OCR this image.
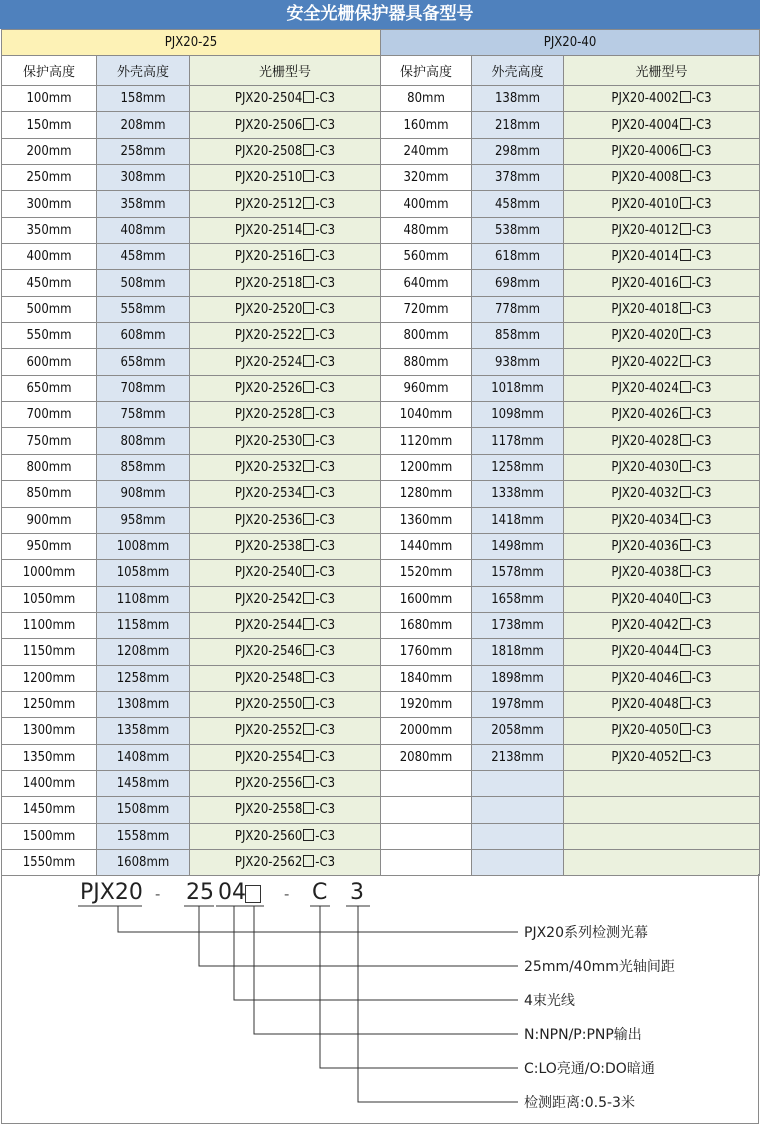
安全光栅保护器具备型号
PJX20-25			PJX20-40		
保护高度	外壳高度	光栅型号	保护高度	外壳高度	光栅型号
100mm	158mm	PJX20-2504 -C3	80mm	138mm	PJX20-4002 -C3
150mm	208mm	PJX20-2506 -C3	160mm	218mm	PJX20-4004 -C3
200mm	258mm	PJX20-2508 -C3	240mm	298mm	PJX20-4006 -C3
250mm	308mm	PJX20-2510 -C3	320mm	378mm	PJX20-4008 -C3
300mm	358mm	PJX20-2512 -C3	400mm	458mm	PJX20-4010 -C3
350mm	408mm	PJX20-2514 -C3	480mm	538mm	PJX20-4012 -C3
400mm	458mm	PJX20-2516 -C3	560mm	618mm	PJX20-4014 -C3
450mm	508mm	PJX20-2518 -C3	640mm	698mm	PJX20-4016 -C3
500mm	558mm	PJX20-2520 -C3	720mm	778mm	PJX20-4018 -C3
550mm	608mm	PJX20-2522 -C3	800mm	858mm	PJX20-4020 -C3
600mm	658mm	PJX20-2524 -C3	880mm	938mm	PJX20-4022 -C3
650mm	708mm	PJX20-2526 -C3	960mm	1018mm	PJX20-4024 -C3
700mm	758mm	PJX20-2528 -C3	1040mm	1098mm	PJX20-4026 -C3
750mm	808mm	PJX20-2530 -C3	1120mm	1178mm	PJX20-4028 -C3
800mm	858mm	PJX20-2532 -C3	1200mm	1258mm	PJX20-4030 -C3
850mm	908mm	PJX20-2534 -C3	1280mm	1338mm	PJX20-4032 -C3
900mm	958mm	PJX20-2536 -C3	1360mm	1418mm	PJX20-4034 -C3
950mm	1008mm	PJX20-2538 -C3	1440mm	1498mm	PJX20-4036 -C3
1000mm	1058mm	PJX20-2540 -C3	1520mm	1578mm	PJX20-4038 -C3
1050mm	1108mm	PJX20-2542 -C3	1600mm	1658mm	PJX20-4040 -C3
1100mm	1158mm	PJX20-2544 -C3	1680mm	1738mm	PJX20-4042 -C3
1150mm	1208mm	PJX20-2546 -C3	1760mm	1818mm	PJX20-4044 -C3
1200mm	1258mm	PJX20-2548 -C3	1840mm	1898mm	PJX20-4046 -C3
1250mm	1308mm	PJX20-2550 -C3	1920mm	1978mm	PJX20-4048 -C3
1300mm	1358mm	PJX20-2552 -C3	2000mm	2058mm	PJX20-4050 -C3
1350mm	1408mm	PJX20-2554 -C3	2080mm	2138mm	PJX20-4052 -C3
1400mm	1458mm	PJX20-2556 -C3			
1450mm	1508mm	PJX20-2558 -C3			
1500mm	1558mm	PJX20-2560 -C3			
1550mm	1608mm	PJX20-2562 -C3			
PJX20 - 25 04 - C 3
PJX20系列检测光幕
25mm/40mm光轴间距
4束光线
N:NPN/P:PNP输出
C:LO亮通/O:DO暗通
检测距离:0.5-3米
